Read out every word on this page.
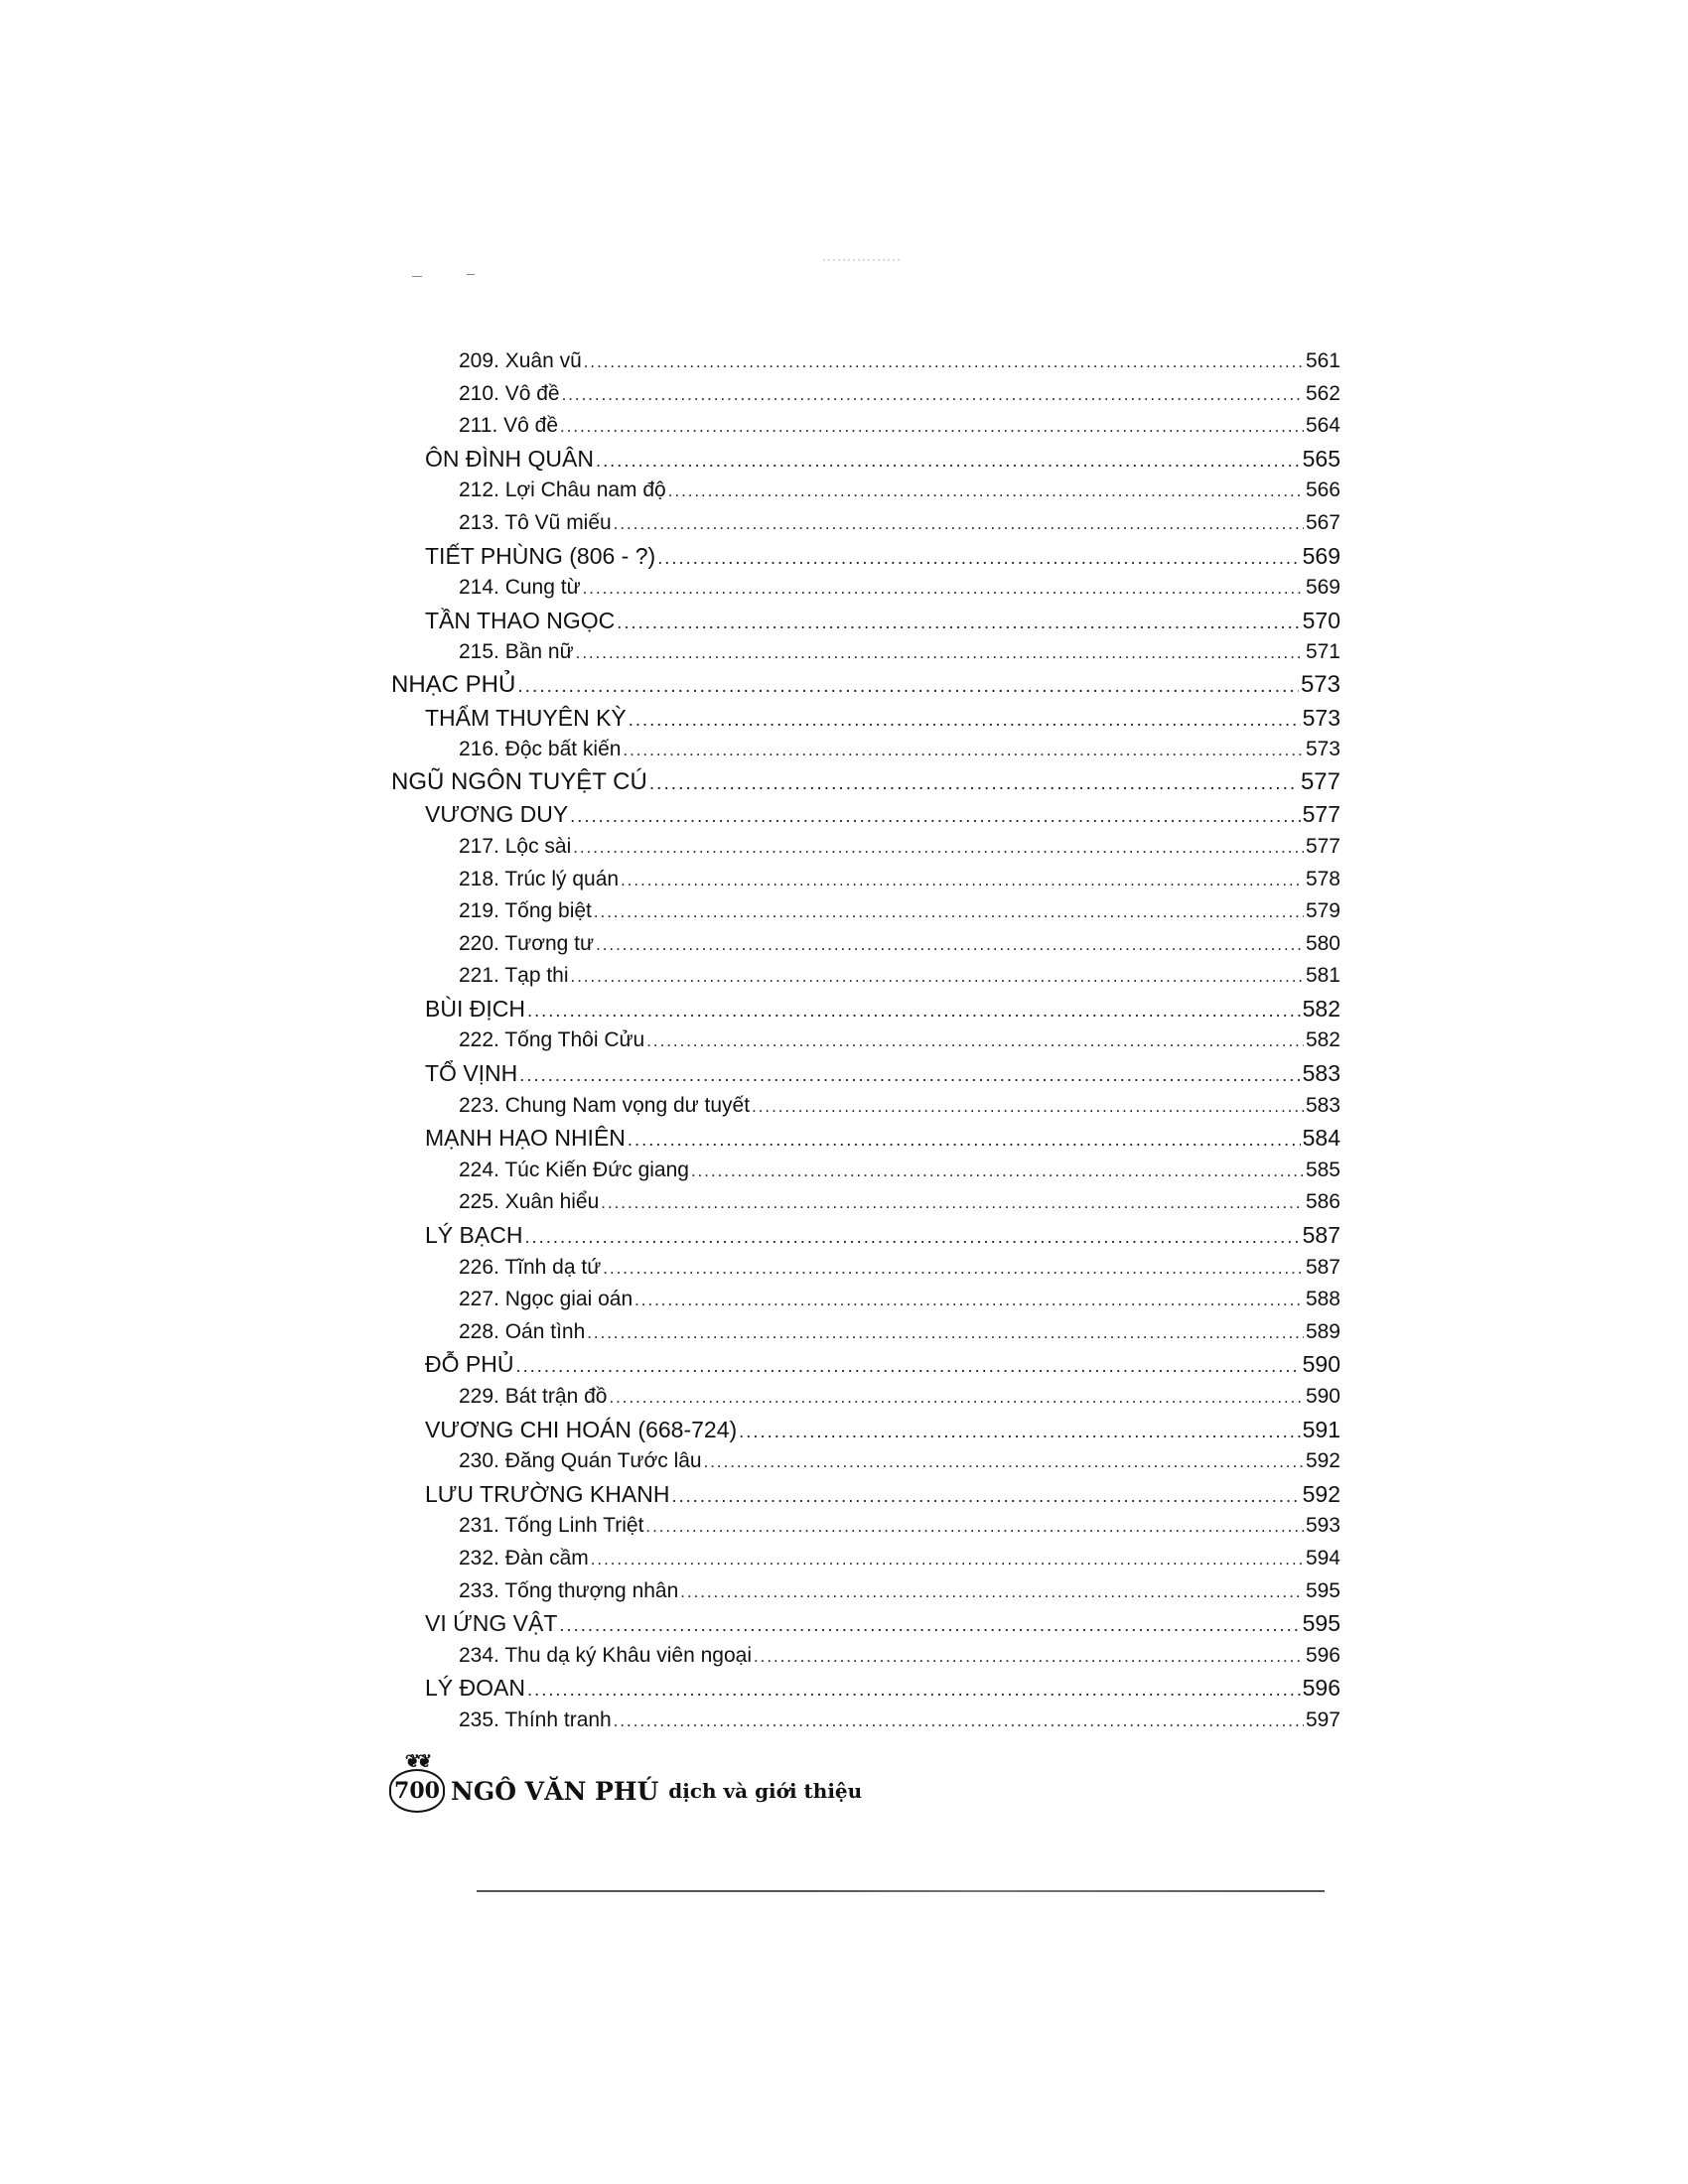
················
209. Xuân vũ .....	561
210. Vô đề .....	562
211. Vô đề .....	564
ÔN ĐÌNH QUÂN .....	565
212. Lợi Châu nam độ .....	566
213. Tô Vũ miếu .....	567
TIẾT PHÙNG (806 - ?) .....	569
214. Cung từ .....	569
TẦN THAO NGỌC .....	570
215. Bần nữ .....	571
NHẠC PHỦ .....	573
THẨM THUYÊN KỲ .....	573
216. Độc bất kiến .....	573
NGŨ NGÔN TUYỆT CÚ .....	577
VƯƠNG DUY .....	577
217. Lộc sài .....	577
218. Trúc lý quán .....	578
219. Tống biệt .....	579
220. Tương tư .....	580
221. Tạp thi .....	581
BÙI ĐỊCH .....	582
222. Tống Thôi Cửu .....	582
TỔ VỊNH .....	583
223. Chung Nam vọng dư tuyết .....	583
MẠNH HẠO NHIÊN .....	584
224. Túc Kiến Đức giang .....	585
225. Xuân hiểu .....	586
LÝ BẠCH .....	587
226. Tĩnh dạ tứ .....	587
227. Ngọc giai oán .....	588
228. Oán tình .....	589
ĐỖ PHỦ .....	590
229. Bát trận đồ .....	590
VƯƠNG CHI HOÁN (668-724) .....	591
230. Đăng Quán Tước lâu .....	592
LƯU TRƯỜNG KHANH .....	592
231. Tống Linh Triệt .....	593
232. Đàn cầm .....	594
233. Tống thượng nhân .....	595
VI ỨNG VẬT .....	595
234. Thu dạ ký Khâu viên ngoại .....	596
LÝ ĐOAN .....	596
235. Thính tranh .....	597
❦❦
700 NGÔ VĂN PHÚ dịch và giới thiệu
